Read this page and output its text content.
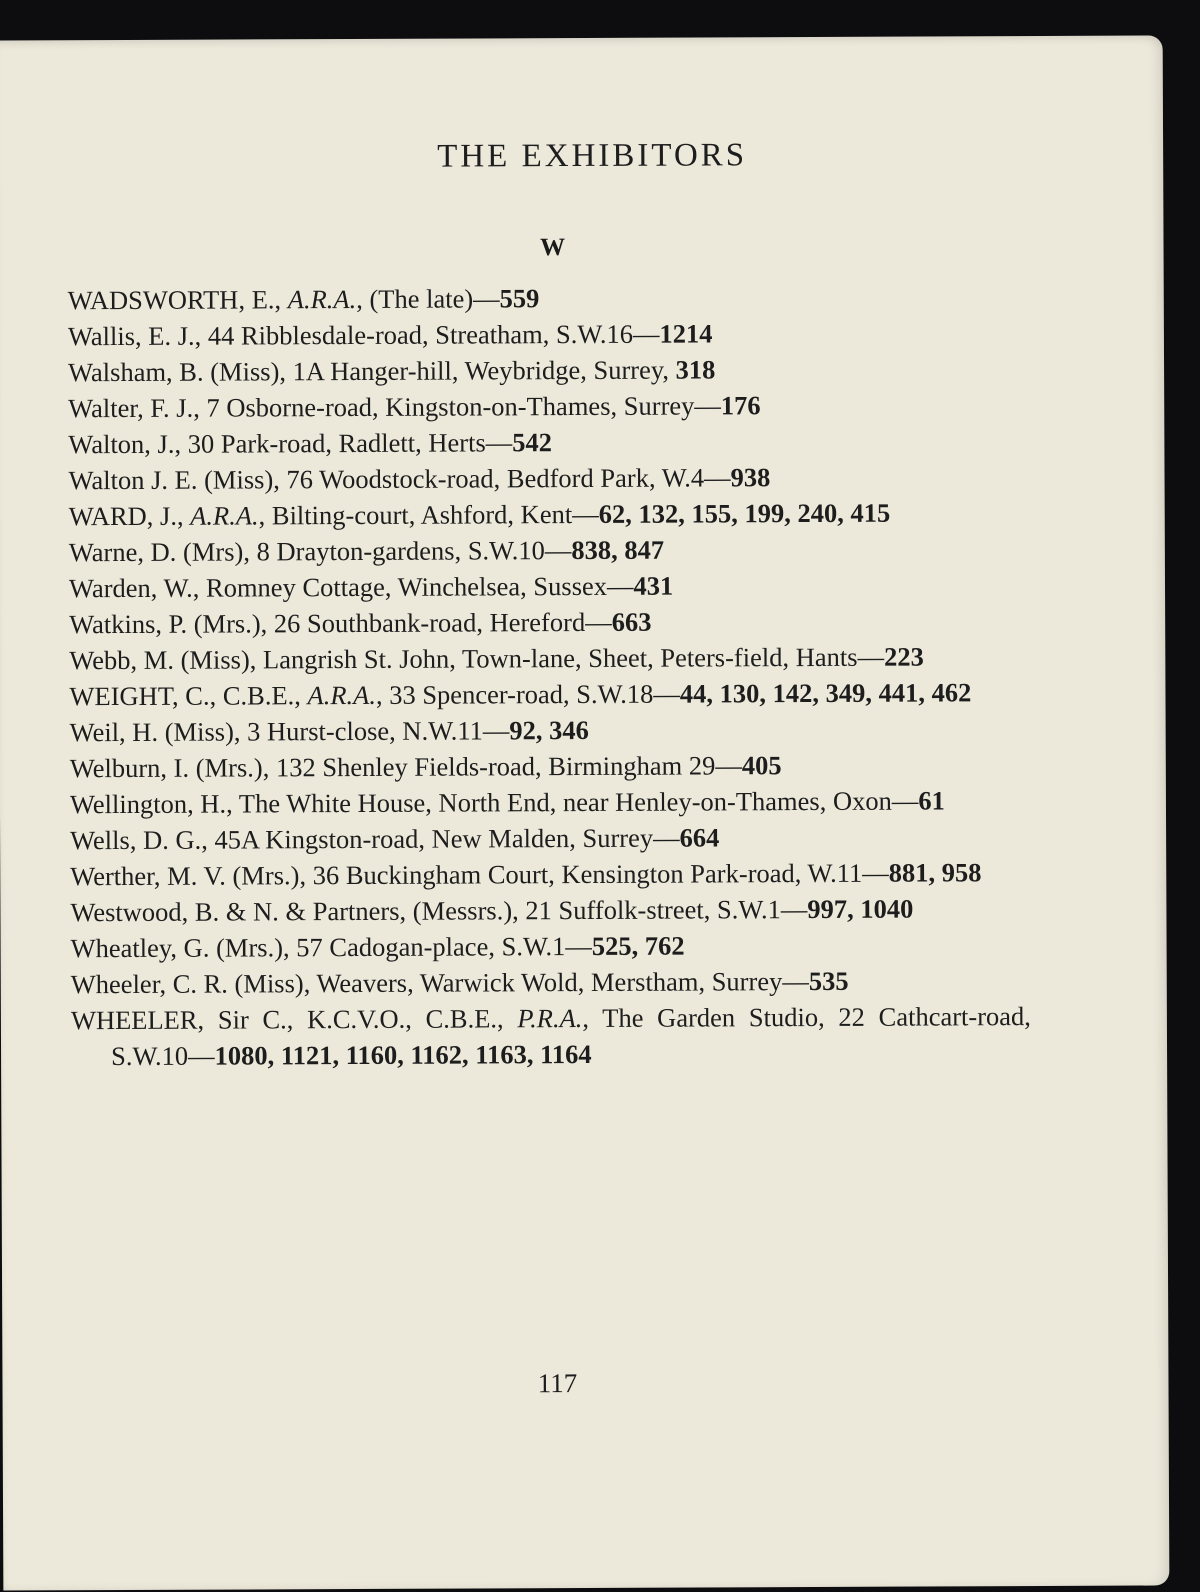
THE EXHIBITORS
W
WADSWORTH, E., A.R.A., (The late)—559
Wallis, E. J., 44 Ribblesdale-road, Streatham, S.W.16—1214
Walsham, B. (Miss), 1A Hanger-hill, Weybridge, Surrey, 318
Walter, F. J., 7 Osborne-road, Kingston-on-Thames, Surrey—176
Walton, J., 30 Park-road, Radlett, Herts—542
Walton J. E. (Miss), 76 Woodstock-road, Bedford Park, W.4—938
WARD, J., A.R.A., Bilting-court, Ashford, Kent—62, 132, 155, 199, 240, 415
Warne, D. (Mrs), 8 Drayton-gardens, S.W.10—838, 847
Warden, W., Romney Cottage, Winchelsea, Sussex—431
Watkins, P. (Mrs.), 26 Southbank-road, Hereford—663
Webb, M. (Miss), Langrish St. John, Town-lane, Sheet, Peters-field, Hants—223
WEIGHT, C., C.B.E., A.R.A., 33 Spencer-road, S.W.18—44, 130, 142, 349, 441, 462
Weil, H. (Miss), 3 Hurst-close, N.W.11—92, 346
Welburn, I. (Mrs.), 132 Shenley Fields-road, Birmingham 29—405
Wellington, H., The White House, North End, near Henley-on-Thames, Oxon—61
Wells, D. G., 45A Kingston-road, New Malden, Surrey—664
Werther, M. V. (Mrs.), 36 Buckingham Court, Kensington Park-road, W.11—881, 958
Westwood, B. & N. & Partners, (Messrs.), 21 Suffolk-street, S.W.1—997, 1040
Wheatley, G. (Mrs.), 57 Cadogan-place, S.W.1—525, 762
Wheeler, C. R. (Miss), Weavers, Warwick Wold, Merstham, Surrey—535
WHEELER, Sir C., K.C.V.O., C.B.E., P.R.A., The Garden Studio, 22 Cathcart-road, S.W.10—1080, 1121, 1160, 1162, 1163, 1164
117
